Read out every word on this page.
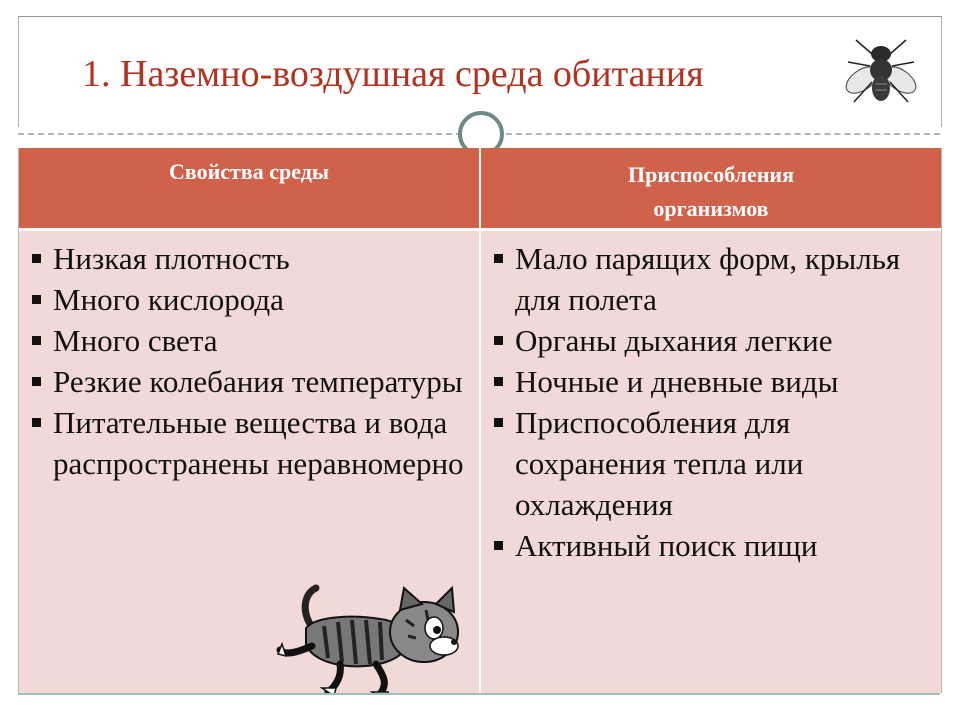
1. Наземно-воздушная среда обитания
Свойства среды	Приспособления
организмов
Низкая плотность
Много кислорода
Много света
Резкие колебания температуры
Питательные вещества и вода распространены неравномерно
Мало парящих форм, крылья для полета
Органы дыхания легкие
Ночные и дневные виды
Приспособления для сохранения тепла или охлаждения
Активный поиск пищи
